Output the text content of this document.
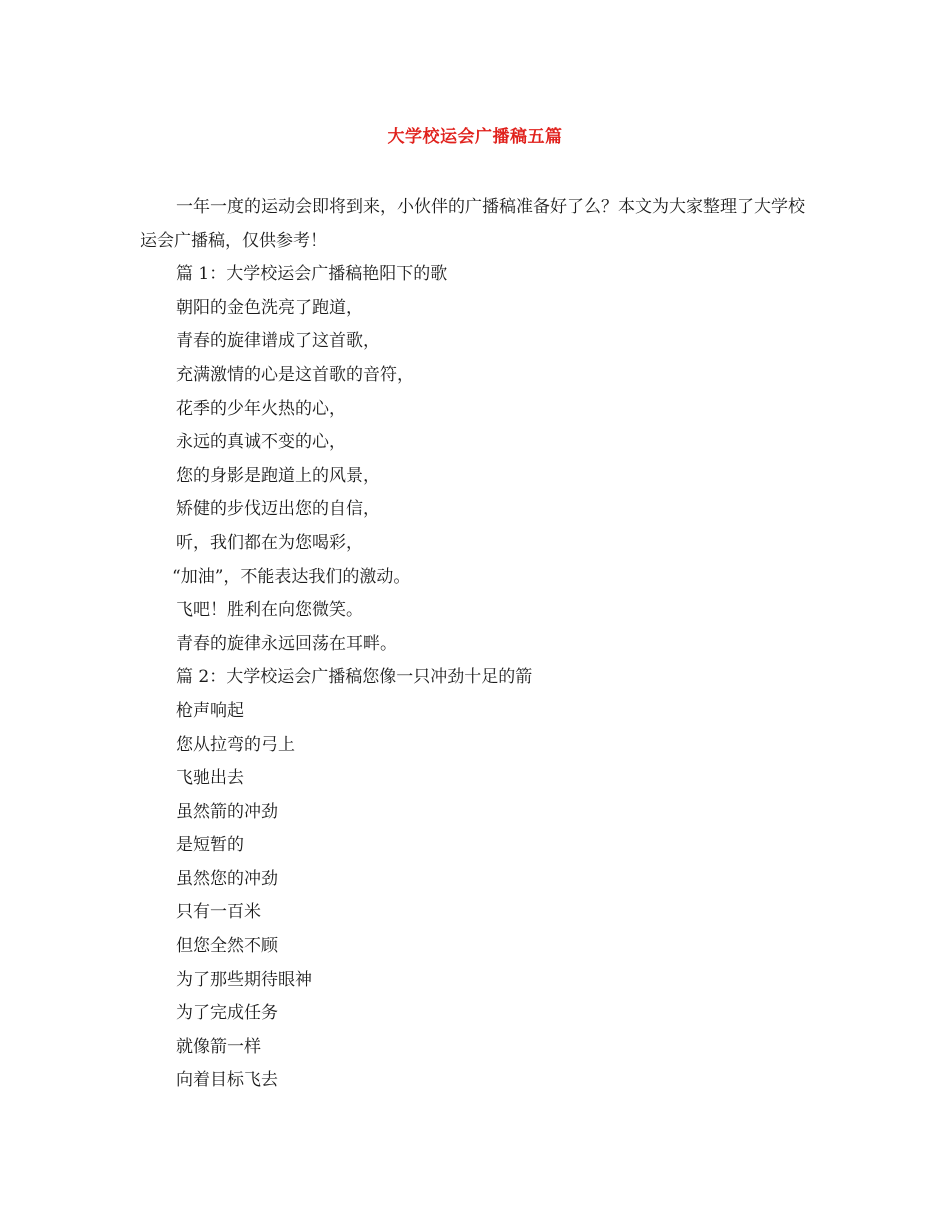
大学校运会广播稿五篇

一年一度的运动会即将到来，小伙伴的广播稿准备好了么？本文为大家整理了大学校运会广播稿，仅供参考！

篇 1：大学校运会广播稿艳阳下的歌

朝阳的金色洗亮了跑道，

青春的旋律谱成了这首歌，

充满激情的心是这首歌的音符，

花季的少年火热的心，

永远的真诚不变的心，

您的身影是跑道上的风景，

矫健的步伐迈出您的自信，

听，我们都在为您喝彩，

“加油”，不能表达我们的激动。

飞吧！胜利在向您微笑。

青春的旋律永远回荡在耳畔。

篇 2：大学校运会广播稿您像一只冲劲十足的箭

枪声响起

您从拉弯的弓上

飞驰出去

虽然箭的冲劲

是短暂的

虽然您的冲劲

只有一百米

但您全然不顾

为了那些期待眼神

为了完成任务

就像箭一样

向着目标飞去
